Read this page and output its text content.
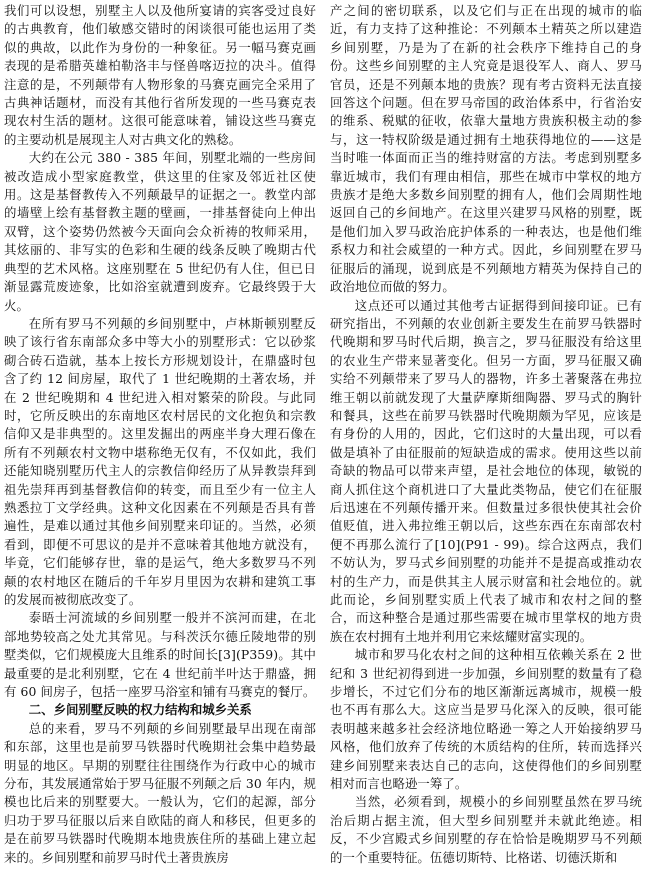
我们可以设想，别墅主人以及他所宴请的宾客受过良好的古典教育，他们敏感交错时的闲谈很可能也运用了类似的典故，以此作为身份的一种象征。另一幅马赛克画表现的是希腊英雄柏勒洛丰与怪兽喀迈拉的决斗。值得注意的是，不列颠带有人物形象的马赛克画完全采用了古典神话题材，而没有其他行省所发现的一些马赛克表现农村生活的题材。这很可能意味着，铺设这些马赛克的主要动机是展现主人对古典文化的熟稔。

大约在公元 380 - 385 年间，别墅北端的一些房间被改造成小型家庭教堂，供这里的住家及邻近社区使用。这是基督教传入不列颠最早的证据之一。教堂内部的墙壁上绘有基督教主题的壁画，一排基督徒向上伸出双臂，这个姿势仍然被今天面向会众祈祷的牧师采用，其炫丽的、非写实的色彩和生硬的线条反映了晚期古代典型的艺术风格。这座别墅在 5 世纪仍有人住，但已日渐显露荒废迹象，比如浴室就遭到废弃。它最终毁于大火。

在所有罗马不列颠的乡间别墅中，卢林斯顿别墅反映了该行省东南部众多中等大小的别墅形式：它以砂浆砌合砖石造就，基本上按长方形规划设计，在鼎盛时包含了约 12 间房屋，取代了 1 世纪晚期的土著农场，并在 2 世纪晚期和 4 世纪进入相对繁荣的阶段。与此同时，它所反映出的东南地区农村居民的文化抱负和宗教信仰又是非典型的。这里发掘出的两座半身大理石像在所有不列颠农村文物中堪称绝无仅有，不仅如此，我们还能知晓别墅历代主人的宗教信仰经历了从异教崇拜到祖先崇拜再到基督教信仰的转变，而且至少有一位主人熟悉拉丁文学经典。这种文化因素在不列颠是否具有普遍性，是难以通过其他乡间别墅来印证的。当然，必须看到，即便不可思议的是并不意味着其他地方就没有，毕竟，它们能够存世，靠的是运气，绝大多数罗马不列颠的农村地区在随后的千年岁月里因为农耕和建筑工事的发展而被彻底改变了。

泰晤士河流域的乡间别墅一般并不滨河而建，在北部地势较高之处尤其常见。与科茨沃尔德丘陵地带的别墅类似，它们规模庞大且维系的时间长[3](P359)。其中最重要的是北利别墅，它在 4 世纪前半叶达于鼎盛，拥有 60 间房子，包括一座罗马浴室和铺有马赛克的餐厅。

二、乡间别墅反映的权力结构和城乡关系

总的来看，罗马不列颠的乡间别墅最早出现在南部和东部，这里也是前罗马铁器时代晚期社会集中趋势最明显的地区。早期的别墅往往围绕作为行政中心的城市分布，其发展通常始于罗马征服不列颠之后 30 年内，规模也比后来的别墅要大。一般认为，它们的起源，部分归功于罗马征服以后来自欧陆的商人和移民，但更多的是在前罗马铁器时代晚期本地贵族住所的基础上建立起来的。乡间别墅和前罗马时代土著贵族房

产之间的密切联系，以及它们与正在出现的城市的临近，有力支持了这种推论：不列颠本土精英之所以建造乡间别墅，乃是为了在新的社会秩序下维持自己的身份。这些乡间别墅的主人究竟是退役军人、商人、罗马官员，还是不列颠本地的贵族？现有考古资料无法直接回答这个问题。但在罗马帝国的政治体系中，行省治安的维系、税赋的征收，依靠大量地方贵族积极主动的参与，这一特权阶级是通过拥有土地获得地位的——这是当时唯一体面而正当的维持财富的方法。考虑到别墅多靠近城市，我们有理由相信，那些在城市中掌权的地方贵族才是绝大多数乡间别墅的拥有人，他们会周期性地返回自己的乡间地产。在这里兴建罗马风格的别墅，既是他们加入罗马政治庇护体系的一种表达，也是他们维系权力和社会威望的一种方式。因此，乡间别墅在罗马征服后的涌现，说到底是不列颠地方精英为保持自己的政治地位而做的努力。

这点还可以通过其他考古证据得到间接印证。已有研究指出，不列颠的农业创新主要发生在前罗马铁器时代晚期和罗马时代后期，换言之，罗马征服没有给这里的农业生产带来显著变化。但另一方面，罗马征服又确实给不列颠带来了罗马人的器物，许多土著聚落在弗拉维王朝以前就发现了大量萨摩斯细陶器、罗马式的胸针和餐具，这些在前罗马铁器时代晚期颇为罕见，应该是有身份的人用的，因此，它们这时的大量出现，可以看做是填补了由征服前的短缺造成的需求。使用这些以前奇缺的物品可以带来声望，是社会地位的体现，敏锐的商人抓住这个商机进口了大量此类物品，使它们在征服后迅速在不列颠传播开来。但数量过多很快使其社会价值贬值，进入弗拉维王朝以后，这些东西在东南部农村便不再那么流行了[10](P91 - 99)。综合这两点，我们不妨认为，罗马式乡间别墅的功能并不是提高或推动农村的生产力，而是供其主人展示财富和社会地位的。就此而论，乡间别墅实质上代表了城市和农村之间的整合，而这种整合是通过那些需要在城市里掌权的地方贵族在农村拥有土地并利用它来炫耀财富实现的。

城市和罗马化农村之间的这种相互依赖关系在 2 世纪和 3 世纪初得到进一步加强，乡间别墅的数量有了稳步增长，不过它们分布的地区渐渐远离城市，规模一般也不再有那么大。这应当是罗马化深入的反映，很可能表明越来越多社会经济地位略逊一筹之人开始接纳罗马风格，他们放弃了传统的木质结构的住所，转而选择兴建乡间别墅来表达自己的志向，这使得他们的乡间别墅相对而言也略逊一筹了。

当然，必须看到，规模小的乡间别墅虽然在罗马统治后期占据主流，但大型乡间别墅并未就此绝迹。相反，不少宫殿式乡间别墅的存在恰恰是晚期罗马不列颠的一个重要特征。伍德切斯特、比格诺、切德沃斯和
